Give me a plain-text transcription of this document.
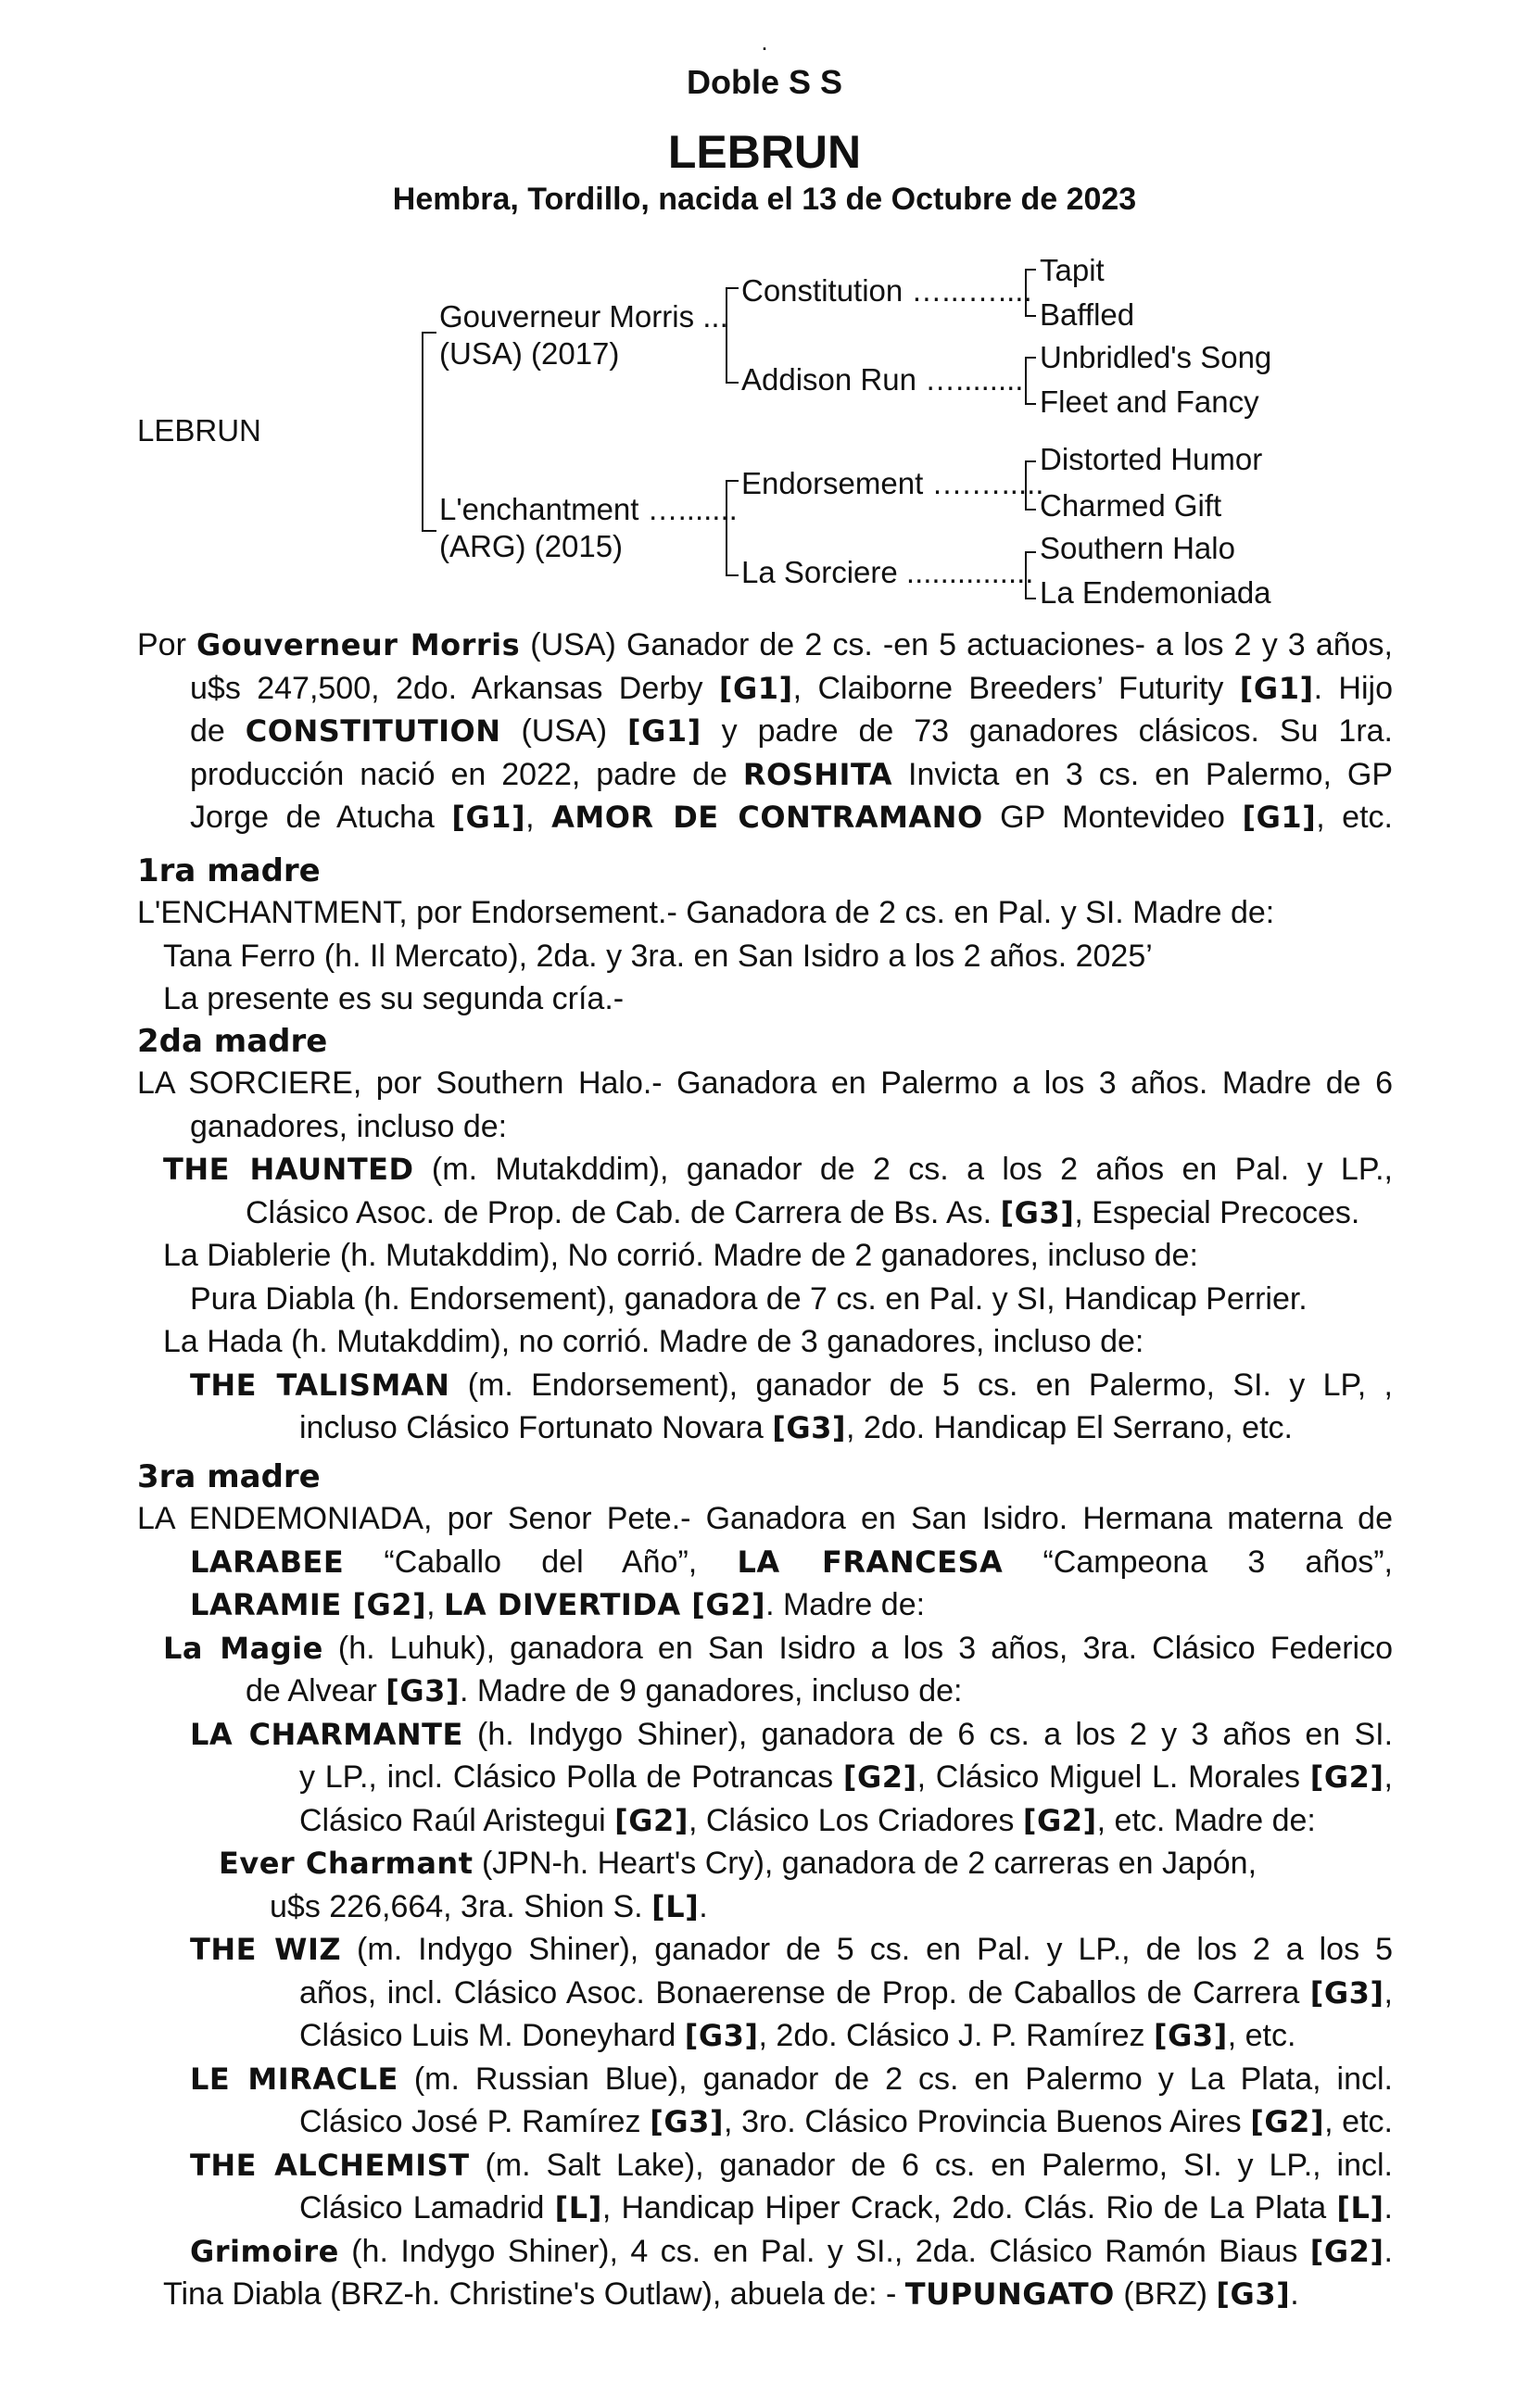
.
Doble S S
LEBRUN
Hembra, Tordillo, nacida el 13 de Octubre de 2023
LEBRUN
Gouverneur Morris ...
(USA) (2017)
L'enchantment ….......
(ARG) (2015)
Constitution …...…....
Addison Run …........
Endorsement ….….....
La Sorciere ...............
Tapit
Baffled
Unbridled's Song
Fleet and Fancy
Distorted Humor
Charmed Gift
Southern Halo
La Endemoniada
Por Gouverneur Morris (USA) Ganador de 2 cs. -en 5 actuaciones- a los 2 y 3 años,
u$s 247,500, 2do. Arkansas Derby [G1], Claiborne Breeders’ Futurity [G1]. Hijo
de CONSTITUTION (USA) [G1] y padre de 73 ganadores clásicos. Su 1ra.
producción nació en 2022, padre de ROSHITA Invicta en 3 cs. en Palermo, GP
Jorge de Atucha [G1], AMOR DE CONTRAMANO GP Montevideo [G1], etc.
1ra madre
L'ENCHANTMENT, por Endorsement.- Ganadora de 2 cs. en Pal. y SI. Madre de:
Tana Ferro (h. Il Mercato), 2da. y 3ra. en San Isidro a los 2 años. 2025’
La presente es su segunda cría.-
2da madre
LA SORCIERE, por Southern Halo.- Ganadora en Palermo a los 3 años. Madre de 6
ganadores, incluso de:
THE HAUNTED (m. Mutakddim), ganador de 2 cs. a los 2 años en Pal. y LP.,
Clásico Asoc. de Prop. de Cab. de Carrera de Bs. As. [G3], Especial Precoces.
La Diablerie (h. Mutakddim), No corrió. Madre de 2 ganadores, incluso de:
Pura Diabla (h. Endorsement), ganadora de 7 cs. en Pal. y SI, Handicap Perrier.
La Hada (h. Mutakddim), no corrió. Madre de 3 ganadores, incluso de:
THE TALISMAN (m. Endorsement), ganador de 5 cs. en Palermo, SI. y LP, ,
incluso Clásico Fortunato Novara [G3], 2do. Handicap El Serrano, etc.
3ra madre
LA ENDEMONIADA, por Senor Pete.- Ganadora en San Isidro. Hermana materna de
LARABEE “Caballo del Año”, LA FRANCESA “Campeona 3 años”,
LARAMIE [G2], LA DIVERTIDA [G2]. Madre de:
La Magie (h. Luhuk), ganadora en San Isidro a los 3 años, 3ra. Clásico Federico
de Alvear [G3]. Madre de 9 ganadores, incluso de:
LA CHARMANTE (h. Indygo Shiner), ganadora de 6 cs. a los 2 y 3 años en SI.
y LP., incl. Clásico Polla de Potrancas [G2], Clásico Miguel L. Morales [G2],
Clásico Raúl Aristegui [G2], Clásico Los Criadores [G2], etc. Madre de:
Ever Charmant (JPN-h. Heart's Cry), ganadora de 2 carreras en Japón,
u$s 226,664, 3ra. Shion S. [L].
THE WIZ (m. Indygo Shiner), ganador de 5 cs. en Pal. y LP., de los 2 a los 5
años, incl. Clásico Asoc. Bonaerense de Prop. de Caballos de Carrera [G3],
Clásico Luis M. Doneyhard [G3], 2do. Clásico J. P. Ramírez [G3], etc.
LE MIRACLE (m. Russian Blue), ganador de 2 cs. en Palermo y La Plata, incl.
Clásico José P. Ramírez [G3], 3ro. Clásico Provincia Buenos Aires [G2], etc.
THE ALCHEMIST (m. Salt Lake), ganador de 6 cs. en Palermo, SI. y LP., incl.
Clásico Lamadrid [L], Handicap Hiper Crack, 2do. Clás. Rio de La Plata [L].
Grimoire (h. Indygo Shiner), 4 cs. en Pal. y SI., 2da. Clásico Ramón Biaus [G2].
Tina Diabla (BRZ-h. Christine's Outlaw), abuela de: - TUPUNGATO (BRZ) [G3].
